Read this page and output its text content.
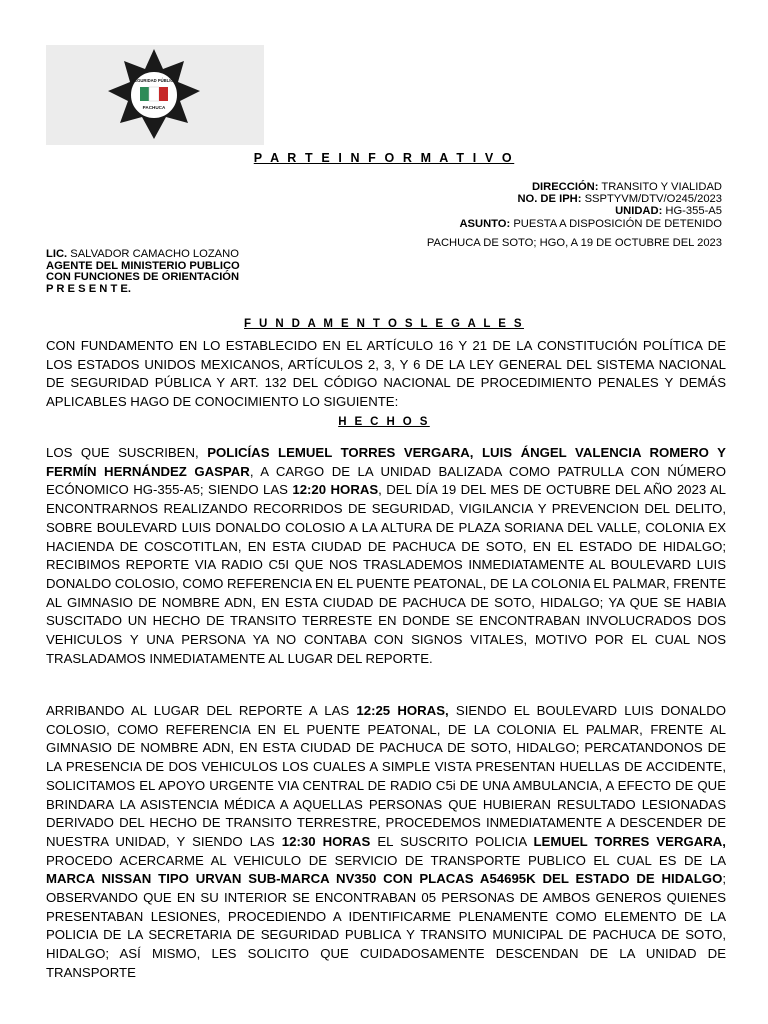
SEGURIDAD PÚBLICA
PACHUCA
P A R T E I N F O R M A T I V O
DIRECCIÓN: TRANSITO Y VIALIDAD
NO. DE IPH: SSPTYVM/DTV/O245/2023
UNIDAD: HG-355-A5
ASUNTO: PUESTA A DISPOSICIÓN DE DETENIDO
PACHUCA DE SOTO; HGO, A 19 DE OCTUBRE DEL 2023
LIC. SALVADOR CAMACHO LOZANO
AGENTE DEL MINISTERIO PUBLICO
CON FUNCIONES DE ORIENTACIÓN
P R E S E N T E.
F U N D A M E N T O S L E G A L E S

CON FUNDAMENTO EN LO ESTABLECIDO EN EL ARTÍCULO 16 Y 21 DE LA CONSTITUCIÓN POLÍTICA DE LOS ESTADOS UNIDOS MEXICANOS, ARTÍCULOS 2, 3, Y 6 DE LA LEY GENERAL DEL SISTEMA NACIONAL DE SEGURIDAD PÚBLICA Y ART. 132 DEL CÓDIGO NACIONAL DE PROCEDIMIENTO PENALES Y DEMÁS APLICABLES HAGO DE CONOCIMIENTO LO SIGUIENTE:

H E C H O S

LOS QUE SUSCRIBEN, POLICÍAS LEMUEL TORRES VERGARA, LUIS ÁNGEL VALENCIA ROMERO Y FERMÍN HERNÁNDEZ GASPAR, A CARGO DE LA UNIDAD BALIZADA COMO PATRULLA CON NÚMERO ECÓNOMICO HG-355-A5; SIENDO LAS 12:20 HORAS, DEL DÍA 19 DEL MES DE OCTUBRE DEL AÑO 2023 AL ENCONTRARNOS REALIZANDO RECORRIDOS DE SEGURIDAD, VIGILANCIA Y PREVENCION DEL DELITO, SOBRE BOULEVARD LUIS DONALDO COLOSIO A LA ALTURA DE PLAZA SORIANA DEL VALLE, COLONIA EX HACIENDA DE COSCOTITLAN, EN ESTA CIUDAD DE PACHUCA DE SOTO, EN EL ESTADO DE HIDALGO; RECIBIMOS REPORTE VIA RADIO C5I QUE NOS TRASLADEMOS INMEDIATAMENTE AL BOULEVARD LUIS DONALDO COLOSIO, COMO REFERENCIA EN EL PUENTE PEATONAL, DE LA COLONIA EL PALMAR, FRENTE AL GIMNASIO DE NOMBRE ADN, EN ESTA CIUDAD DE PACHUCA DE SOTO, HIDALGO; YA QUE SE HABIA SUSCITADO UN HECHO DE TRANSITO TERRESTE EN DONDE SE ENCONTRABAN INVOLUCRADOS DOS VEHICULOS Y UNA PERSONA YA NO CONTABA CON SIGNOS VITALES, MOTIVO POR EL CUAL NOS TRASLADAMOS INMEDIATAMENTE AL LUGAR DEL REPORTE.

ARRIBANDO AL LUGAR DEL REPORTE A LAS 12:25 HORAS, SIENDO EL BOULEVARD LUIS DONALDO COLOSIO, COMO REFERENCIA EN EL PUENTE PEATONAL, DE LA COLONIA EL PALMAR, FRENTE AL GIMNASIO DE NOMBRE ADN, EN ESTA CIUDAD DE PACHUCA DE SOTO, HIDALGO; PERCATANDONOS DE LA PRESENCIA DE DOS VEHICULOS LOS CUALES A SIMPLE VISTA PRESENTAN HUELLAS DE ACCIDENTE, SOLICITAMOS EL APOYO URGENTE VIA CENTRAL DE RADIO C5i DE UNA AMBULANCIA, A EFECTO DE QUE BRINDARA LA ASISTENCIA MÉDICA A AQUELLAS PERSONAS QUE HUBIERAN RESULTADO LESIONADAS DERIVADO DEL HECHO DE TRANSITO TERRESTRE, PROCEDEMOS INMEDIATAMENTE A DESCENDER DE NUESTRA UNIDAD, Y SIENDO LAS 12:30 HORAS EL SUSCRITO POLICIA LEMUEL TORRES VERGARA, PROCEDO ACERCARME AL VEHICULO DE SERVICIO DE TRANSPORTE PUBLICO EL CUAL ES DE LA MARCA NISSAN TIPO URVAN SUB-MARCA NV350 CON PLACAS A54695K DEL ESTADO DE HIDALGO; OBSERVANDO QUE EN SU INTERIOR SE ENCONTRABAN 05 PERSONAS DE AMBOS GENEROS QUIENES PRESENTABAN LESIONES, PROCEDIENDO A IDENTIFICARME PLENAMENTE COMO ELEMENTO DE LA POLICIA DE LA SECRETARIA DE SEGURIDAD PUBLICA Y TRANSITO MUNICIPAL DE PACHUCA DE SOTO, HIDALGO; ASÍ MISMO, LES SOLICITO QUE CUIDADOSAMENTE DESCENDAN DE LA UNIDAD DE TRANSPORTE
